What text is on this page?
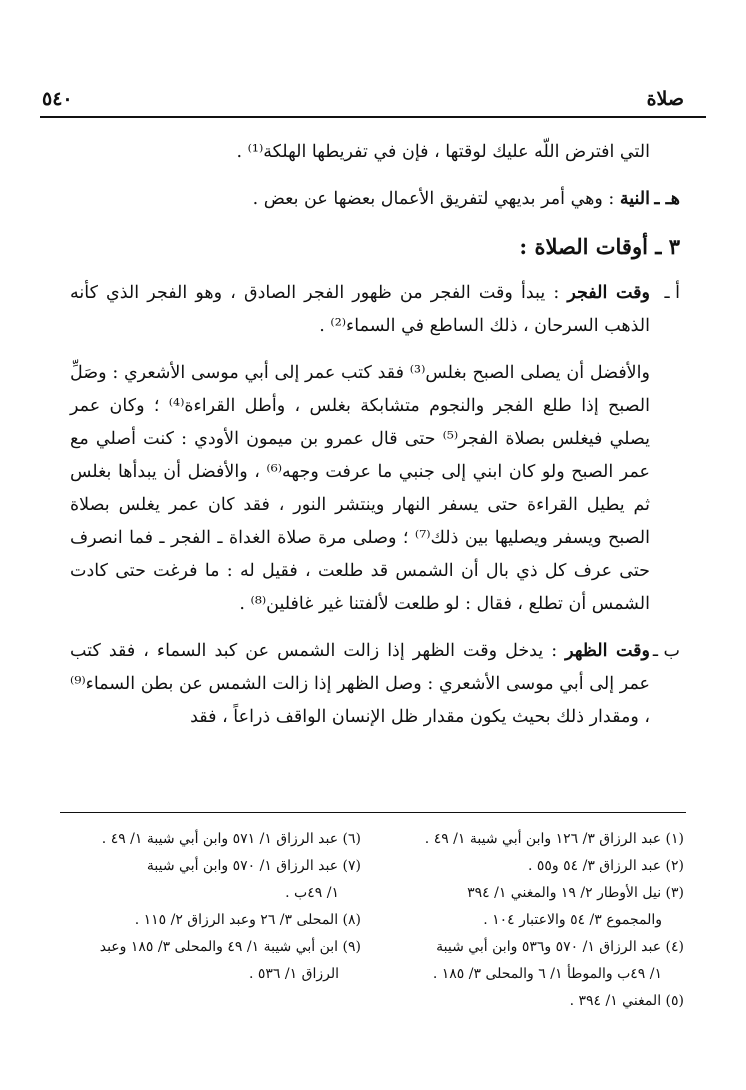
صلاة
٥٤٠

التي افترض اللّه عليك لوقتها ، فإن في تفريطها الهلكة⁽¹⁾ .

هـ ـ
النية : وهي أمر بديهي لتفريق الأعمال بعضها عن بعض .
٣ ـ أوقات الصلاة :
أ ـ
وقت الفجر : يبدأ وقت الفجر من ظهور الفجر الصادق ، وهو الفجر الذي كأنه الذهب السرحان ، ذلك الساطع في السماء⁽²⁾ .

والأفضل أن يصلى الصبح بغلس⁽³⁾ فقد كتب عمر إلى أبي موسى الأشعري : وصَلِّ الصبح إذا طلع الفجر والنجوم متشابكة بغلس ، وأطل القراءة⁽⁴⁾ ؛ وكان عمر يصلي فيغلس بصلاة الفجر⁽⁵⁾ حتى قال عمرو بن ميمون الأودي : كنت أصلي مع عمر الصبح ولو كان ابني إلى جنبي ما عرفت وجهه⁽⁶⁾ ، والأفضل أن يبدأها بغلس ثم يطيل القراءة حتى يسفر النهار وينتشر النور ، فقد كان عمر يغلس بصلاة الصبح ويسفر ويصليها بين ذلك⁽⁷⁾ ؛ وصلى مرة صلاة الغداة ـ الفجر ـ فما انصرف حتى عرف كل ذي بال أن الشمس قد طلعت ، فقيل له : ما فرغت حتى كادت الشمس أن تطلع ، فقال : لو طلعت لألفتنا غير غافلين⁽⁸⁾ .

ب ـ
وقت الظهر : يدخل وقت الظهر إذا زالت الشمس عن كبد السماء ، فقد كتب عمر إلى أبي موسى الأشعري : وصل الظهر إذا زالت الشمس عن بطن السماء⁽⁹⁾ ، ومقدار ذلك بحيث يكون مقدار ظل الإنسان الواقف ذراعاً ، فقد

(١) عبد الرزاق ٣/ ١٢٦ وابن أبي شيبة ١/ ٤٩ .

(٢) عبد الرزاق ٣/ ٥٤ و٥٥ .

(٣) نيل الأوطار ٢/ ١٩ والمغني ١/ ٣٩٤

والمجموع ٣/ ٥٤ والاعتبار ١٠٤ .

(٤) عبد الرزاق ١/ ٥٧٠ و٥٣٦ وابن أبي شيبة

١/ ٤٩ب والموطأ ١/ ٦ والمحلى ٣/ ١٨٥ .

(٥) المغني ١/ ٣٩٤ .

(٦) عبد الرزاق ١/ ٥٧١ وابن أبي شيبة ١/ ٤٩ .

(٧) عبد الرزاق ١/ ٥٧٠ وابن أبي شيبة

١/ ٤٩ب .

(٨) المحلى ٣/ ٢٦ وعبد الرزاق ٢/ ١١٥ .

(٩) ابن أبي شيبة ١/ ٤٩ والمحلى ٣/ ١٨٥ وعبد

الرزاق ١/ ٥٣٦ .
